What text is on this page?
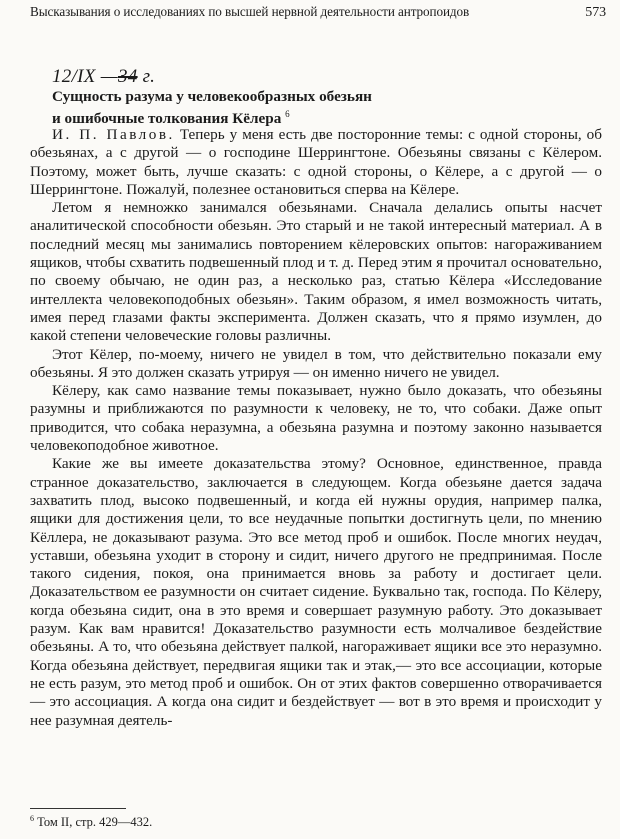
Высказывания о исследованиях по высшей нервной деятельности антропоидов	573
12/IX —34 г.
Сущность разума у человекообразных обезьян
и ошибочные толкования Кёлера $^6$

И. П. Павлов. Теперь у меня есть две посторонние темы: с одной стороны, об обезьянах, а с другой — о господине Шеррингтоне. Обезьяны связаны с Кёлером. Поэтому, может быть, лучше сказать: с одной стороны, о Кёлере, а с другой — о Шеррингтоне. Пожалуй, полезнее остановиться сперва на Кёлере.

Летом я немножко занимался обезьянами. Сначала делались опыты насчет аналитической способности обезьян. Это старый и не такой интересный материал. А в последний месяц мы занимались повторением кёлеровских опытов: нагораживанием ящиков, чтобы схватить подвешенный плод и т. д. Перед этим я прочитал основательно, по своему обычаю, не один раз, а несколько раз, статью Кёлера «Исследование интеллекта человекоподобных обезьян». Таким образом, я имел возможность читать, имея перед глазами факты эксперимента. Должен сказать, что я прямо изумлен, до какой степени человеческие головы различны.

Этот Кёлер, по-моему, ничего не увидел в том, что действительно показали ему обезьяны. Я это должен сказать утрируя — он именно ничего не увидел.

Кёлеру, как само название темы показывает, нужно было доказать, что обезьяны разумны и приближаются по разумности к человеку, не то, что собаки. Даже опыт приводится, что собака неразумна, а обезьяна разумна и поэтому законно называется человекоподобное животное.

Какие же вы имеете доказательства этому? Основное, единственное, правда странное доказательство, заключается в следующем. Когда обезьяне дается задача захватить плод, высоко подвешенный, и когда ей нужны орудия, например палка, ящики для достижения цели, то все неудачные попытки достигнуть цели, по мнению Кёллера, не доказывают разума. Это все метод проб и ошибок. После многих неудач, уставши, обезьяна уходит в сторону и сидит, ничего другого не предпринимая. После такого сидения, покоя, она принимается вновь за работу и достигает цели. Доказательством ее разумности он считает сидение. Буквально так, господа. По Кёлеру, когда обезьяна сидит, она в это время и совершает разумную работу. Это доказывает разум. Как вам нравится! Доказательство разумности есть молчаливое бездействие обезьяны. А то, что обезьяна действует палкой, нагораживает ящики все это неразумно. Когда обезьяна действует, передвигая ящики так и этак,— это все ассоциации, которые не есть разум, это метод проб и ошибок. Он от этих фактов совершенно отворачивается — это ассоциация. А когда она сидит и бездействует — вот в это время и происходит у нее разумная деятель-

$^6$ Том II, стр. 429—432.
